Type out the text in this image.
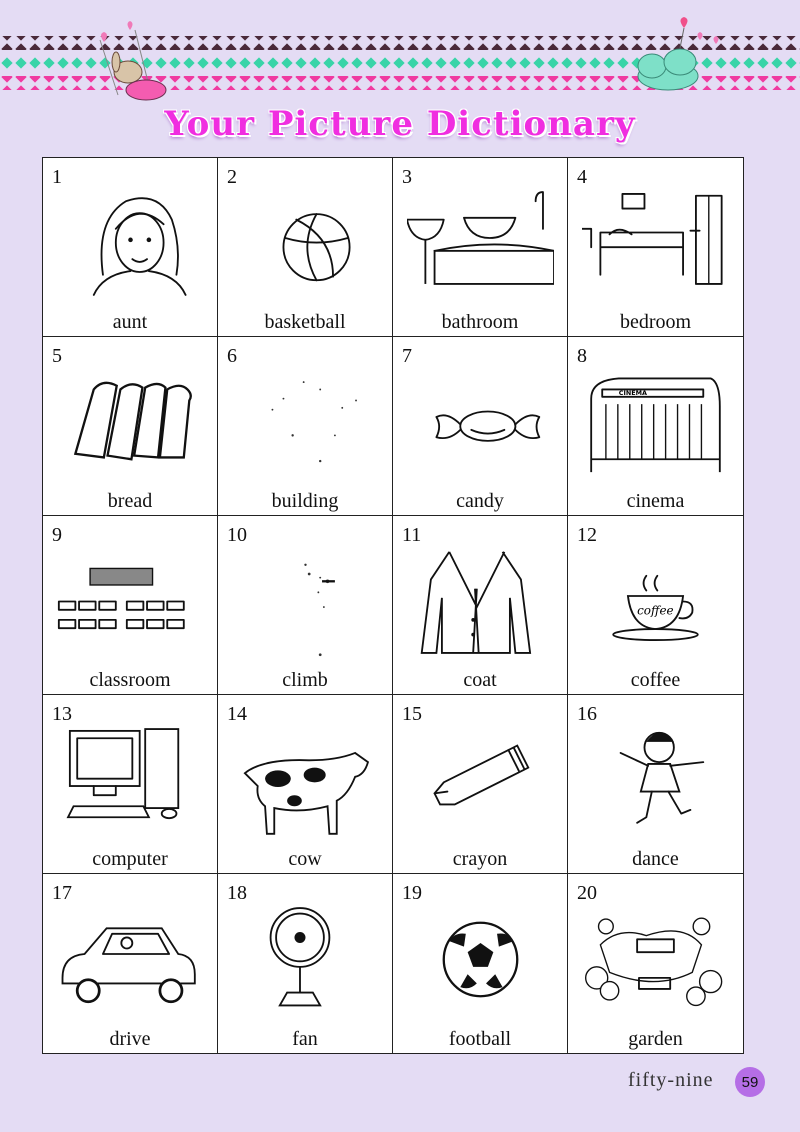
Your Picture Dictionary
1
aunt
2
basketball
3
bathroom
4
bedroom
5
bread
6
building
7
candy
8
CINEMA
cinema
9
classroom
10
climb
11
coat
12
coffee
coffee
13
computer
14
cow
15
crayon
16
dance
17
drive
18
fan
19
football
20
garden
fifty-nine	59
